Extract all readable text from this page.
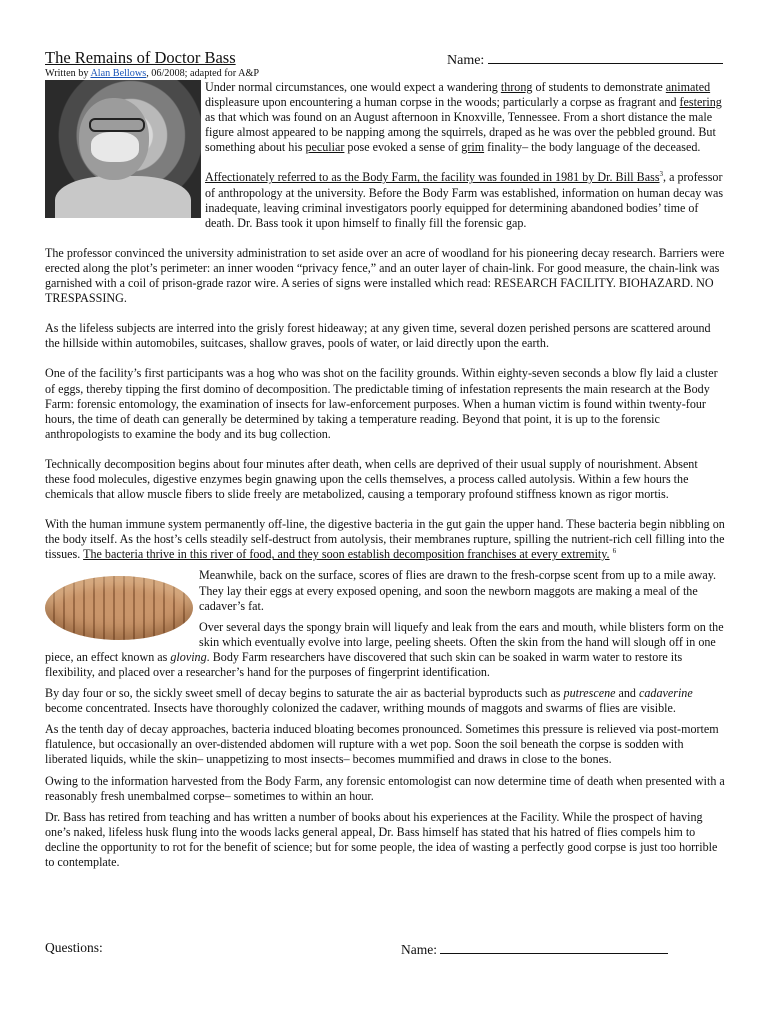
The Remains of Doctor Bass	Name:
Written by Alan Bellows, 06/2008; adapted for A&P

Under normal circumstances, one would expect a wandering throng of students to demonstrate animated displeasure upon encountering a human corpse in the woods; particularly a corpse as fragrant and festering as that which was found on an August afternoon in Knoxville, Tennessee. From a short distance the male figure almost appeared to be napping among the squirrels, draped as he was over the pebbled ground. But something about his peculiar pose evoked a sense of grim finality– the body language of the deceased.

Affectionately referred to as the Body Farm, the facility was founded in 1981 by Dr. Bill Bass$^3$, a professor of anthropology at the university. Before the Body Farm was established, information on human decay was inadequate, leaving criminal investigators poorly equipped for determining abandoned bodies’ time of death. Dr. Bass took it upon himself to finally fill the forensic gap.

The professor convinced the university administration to set aside over an acre of woodland for his pioneering decay research. Barriers were erected along the plot’s perimeter: an inner wooden “privacy fence,” and an outer layer of chain-link. For good measure, the chain-link was garnished with a coil of prison-grade razor wire. A series of signs were installed which read: RESEARCH FACILITY. BIOHAZARD. NO TRESPASSING.

As the lifeless subjects are interred into the grisly forest hideaway; at any given time, several dozen perished persons are scattered around the hillside within automobiles, suitcases, shallow graves, pools of water, or laid directly upon the earth.

One of the facility’s first participants was a hog who was shot on the facility grounds. Within eighty-seven seconds a blow fly laid a cluster of eggs, thereby tipping the first domino of decomposition. The predictable timing of infestation represents the main research at the Body Farm: forensic entomology, the examination of insects for law-enforcement purposes. When a human victim is found within twenty-four hours, the time of death can generally be determined by taking a temperature reading. Beyond that point, it is up to the forensic anthropologists to examine the body and its bug collection.

Technically decomposition begins about four minutes after death, when cells are deprived of their usual supply of nourishment. Absent these food molecules, digestive enzymes begin gnawing upon the cells themselves, a process called autolysis. Within a few hours the chemicals that allow muscle fibers to slide freely are metabolized, causing a temporary profound stiffness known as rigor mortis.

With the human immune system permanently off-line, the digestive bacteria in the gut gain the upper hand. These bacteria begin nibbling on the body itself. As the host’s cells steadily self-destruct from autolysis, their membranes rupture, spilling the nutrient-rich cell filling into the tissues. The bacteria thrive in this river of food, and they soon establish decomposition franchises at every extremity. $^6$

Meanwhile, back on the surface, scores of flies are drawn to the fresh-corpse scent from up to a mile away. They lay their eggs at every exposed opening, and soon the newborn maggots are making a meal of the cadaver’s fat.

Over several days the spongy brain will liquefy and leak from the ears and mouth, while blisters form on the skin which eventually evolve into large, peeling sheets. Often the skin from the hand will slough off in one piece, an effect known as gloving. Body Farm researchers have discovered that such skin can be soaked in warm water to restore its flexibility, and placed over a researcher’s hand for the purposes of fingerprint identification.

By day four or so, the sickly sweet smell of decay begins to saturate the air as bacterial byproducts such as putrescene and cadaverine become concentrated. Insects have thoroughly colonized the cadaver, writhing mounds of maggots and swarms of flies are visible.

As the tenth day of decay approaches, bacteria induced bloating becomes pronounced. Sometimes this pressure is relieved via post-mortem flatulence, but occasionally an over-distended abdomen will rupture with a wet pop. Soon the soil beneath the corpse is sodden with liberated liquids, while the skin– unappetizing to most insects– becomes mummified and draws in close to the bones.

Owing to the information harvested from the Body Farm, any forensic entomologist can now determine time of death when presented with a reasonably fresh unembalmed corpse– sometimes to within an hour.

Dr. Bass has retired from teaching and has written a number of books about his experiences at the Facility. While the prospect of having one’s naked, lifeless husk flung into the woods lacks general appeal, Dr. Bass himself has stated that his hatred of flies compels him to decline the opportunity to rot for the benefit of science; but for some people, the idea of wasting a perfectly good corpse is just too horrible to contemplate.

Questions:	Name:
